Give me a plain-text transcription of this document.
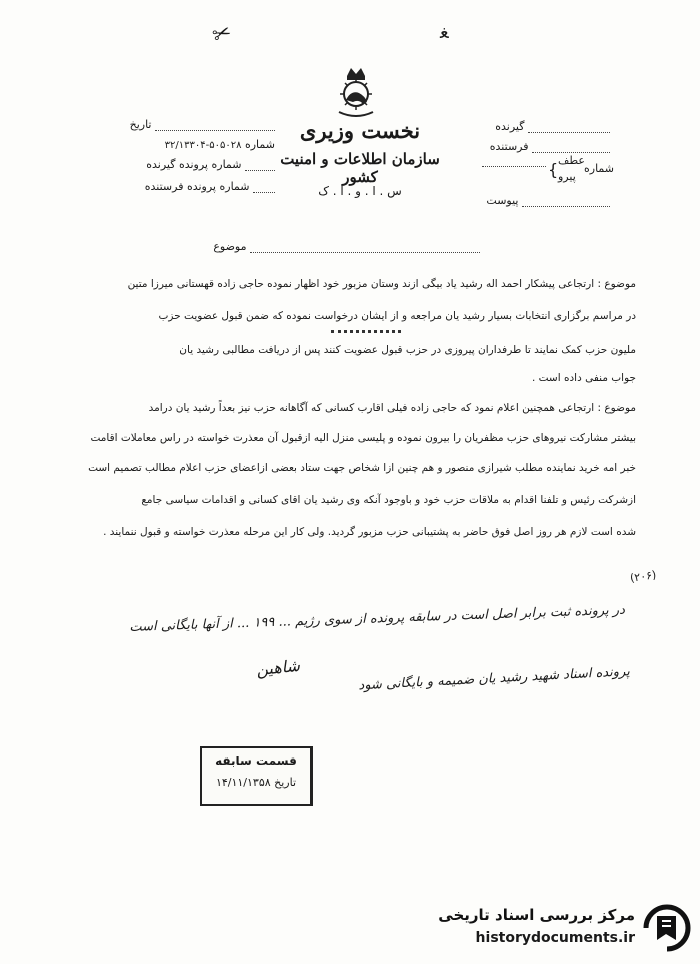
✂	ﻐ
نخست وزیری
سازمان اطلاعات و امنیت کشور
س . ا . و . ا . ک
گیرنده
فرستنده
{ عطف
پیرو
شماره
پیوست
تاریخ
۳۲/۱۳۳۰۴-۵۰۵۰۲۸ شماره
شماره پرونده گیرنده
شماره پرونده فرستنده
موضوع
موضوع : ارتجاعی پیشکار احمد اله رشید یاد بیگی ازند وستان مزبور خود اظهار نموده حاجی زاده قهستانی میرزا متین
در مراسم برگزاری انتخابات بسیار رشید یان مراجعه و از ایشان درخواست نموده که ضمن قبول عضویت حزب
ملیون حزب کمک نمایند تا طرفداران پیروزی در حزب قبول عضویت کنند پس از دریافت مطالبی رشید یان
جواب منفی داده است .
موضوع : ارتجاعی همچنین اعلام نمود که حاجی زاده فیلی اقارب کسانی که آگاهانه حزب نیز بعداً رشید یان درامد
بیشتر مشارکت نیروهای حزب مظفریان را بیرون نموده و پلیسی منزل الیه ازقبول آن معذرت خواسته در راس معاملات اقامت
خبر امه خرید نماینده مطلب شیرازی منصور و هم چنین ازا شخاص جهت ستاد بعضی ازاعضای حزب اعلام مطالب تصمیم است
ازشرکت رئیس و تلفنا اقدام به ملاقات حزب خود و باوجود آنکه وی رشید یان اقای کسانی و اقدامات سیاسی جامع
شده است لازم هر روز اصل فوق حاضر به پشتیبانی حزب مزبور گردید. ولی کار این مرحله معذرت خواسته و قبول ننمایند .
(۲۰۶)
در پرونده ثبت برابر اصل است در سابقه پرونده از سوی رژیم ... ۱۹۹ ... از آنها بایگانی است
شاهین	پرونده اسناد شهید رشید یان ضمیمه و بایگانی شود
قسمت سابقه
تاریخ ۱۴/۱۱/۱۳۵۸
مرکز بررسی اسناد تاریخی
historydocuments.ir
